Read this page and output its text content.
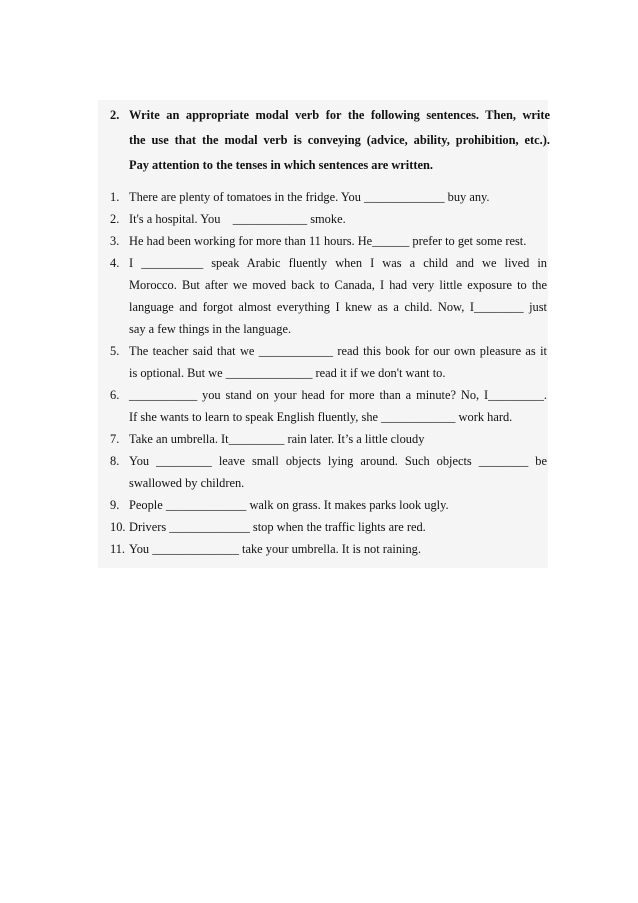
2. Write an appropriate modal verb for the following sentences. Then, write
the use that the modal verb is conveying (advice, ability, prohibition, etc.).
Pay attention to the tenses in which sentences are written.
1. There are plenty of tomatoes in the fridge. You _____________ buy any.
2. It's a hospital. You    ____________ smoke.
3. He had been working for more than 11 hours. He______ prefer to get some rest.
4. I __________ speak Arabic fluently when I was a child and we lived in
Morocco. But after we moved back to Canada, I had very little exposure to the
language and forgot almost everything I knew as a child. Now, I________ just
say a few things in the language.
5. The teacher said that we ____________ read this book for our own pleasure as it
is optional. But we ______________ read it if we don't want to.
6. ___________ you stand on your head for more than a minute? No, I_________.
If she wants to learn to speak English fluently, she ____________ work hard.
7. Take an umbrella. It_________ rain later. It’s a little cloudy
8. You _________ leave small objects lying around. Such objects ________ be
swallowed by children.
9. People _____________ walk on grass. It makes parks look ugly.
10. Drivers _____________ stop when the traffic lights are red.
11. You ______________ take your umbrella. It is not raining.
